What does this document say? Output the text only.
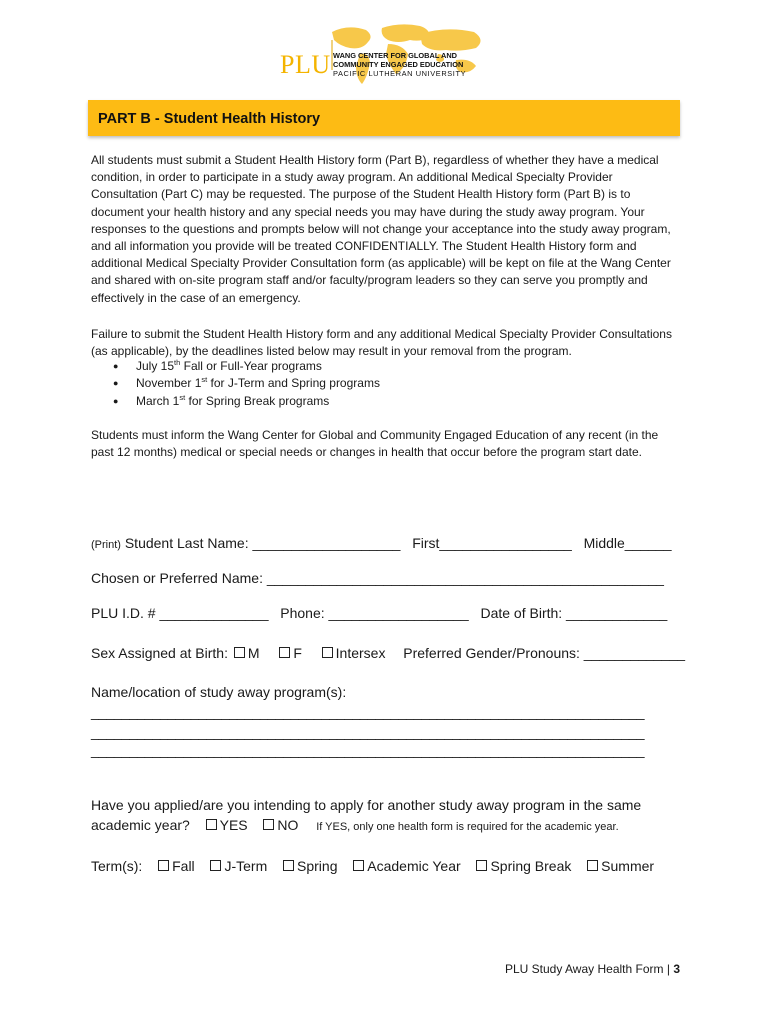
PLU WANG CENTER FOR GLOBAL AND
COMMUNITY ENGAGED EDUCATION
PACIFIC LUTHERAN UNIVERSITY
PART B - Student Health History
All students must submit a Student Health History form (Part B), regardless of whether they have a medical condition, in order to participate in a study away program. An additional Medical Specialty Provider Consultation (Part C) may be requested. The purpose of the Student Health History form (Part B) is to document your health history and any special needs you may have during the study away program. Your responses to the questions and prompts below will not change your acceptance into the study away program, and all information you provide will be treated CONFIDENTIALLY. The Student Health History form and additional Medical Specialty Provider Consultation form (as applicable) will be kept on file at the Wang Center and shared with on-site program staff and/or faculty/program leaders so they can serve you promptly and effectively in the case of an emergency.
Failure to submit the Student Health History form and any additional Medical Specialty Provider Consultations (as applicable), by the deadlines listed below may result in your removal from the program.
● July 15th Fall or Full-Year programs
● November 1st for J-Term and Spring programs
● March 1st for Spring Break programs
Students must inform the Wang Center for Global and Community Engaged Education of any recent (in the past 12 months) medical or special needs or changes in health that occur before the program start date.
(Print) Student Last Name: ___________________ First_________________ Middle______
Chosen or Preferred Name: ___________________________________________________
PLU I.D. # ______________ Phone: __________________ Date of Birth: _____________
Sex Assigned at Birth: M F Intersex Preferred Gender/Pronouns: _____________
Name/location of study away program(s):
________________________________________________________________________
________________________________________________________________________
________________________________________________________________________
Have you applied/are you intending to apply for another study away program in the same
academic year? YES NO If YES, only one health form is required for the academic year.
Term(s): Fall J-Term Spring Academic Year Spring Break Summer
PLU Study Away Health Form | 3
